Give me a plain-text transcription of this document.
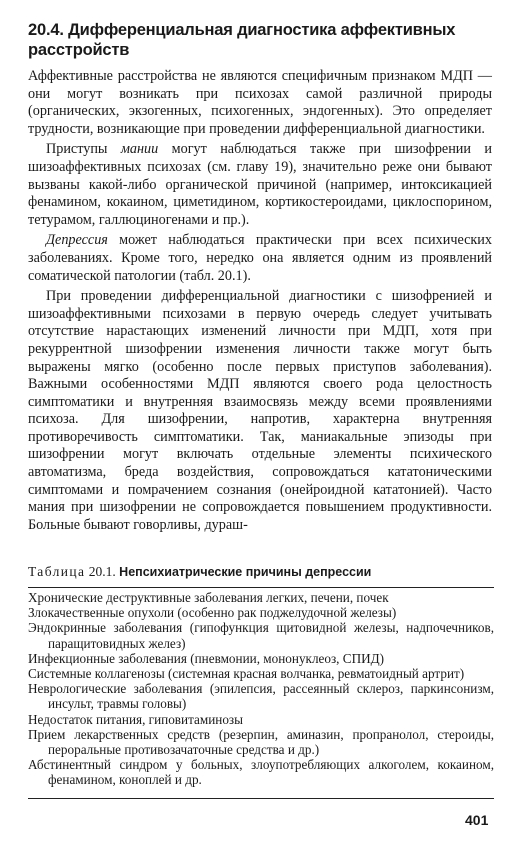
20.4. Дифференциальная диагностика аффективных расстройств

Аффективные расстройства не являются специфичным признаком МДП — они могут возникать при психозах самой различной природы (органических, экзогенных, психогенных, эндогенных). Это определяет трудности, возникающие при проведении дифференциальной диагностики.

Приступы мании могут наблюдаться также при шизофрении и шизоаффективных психозах (см. главу 19), значительно реже они бывают вызваны какой-либо органической причиной (например, интоксикацией фенамином, кокаином, циметидином, кортикостероидами, циклоспорином, тетурамом, галлюциногенами и пр.).

Депрессия может наблюдаться практически при всех психических заболеваниях. Кроме того, нередко она является одним из проявлений соматической патологии (табл. 20.1).

При проведении дифференциальной диагностики с шизофренией и шизоаффективными психозами в первую очередь следует учитывать отсутствие нарастающих изменений личности при МДП, хотя при рекуррентной шизофрении изменения личности также могут быть выражены мягко (особенно после первых приступов заболевания). Важными особенностями МДП являются своего рода целостность симптоматики и внутренняя взаимосвязь между всеми проявлениями психоза. Для шизофрении, напротив, характерна внутренняя противоречивость симптоматики. Так, маниакальные эпизоды при шизофрении могут включать отдельные элементы психического автоматизма, бреда воздействия, сопровождаться кататоническими симптомами и помрачением сознания (онейроидной кататонией). Часто мания при шизофрении не сопровождается повышением продуктивности. Больные бывают говорливы, дураш-

Таблица 20.1. Непсихиатрические причины депрессии
Хронические деструктивные заболевания легких, печени, почек
Злокачественные опухоли (особенно рак поджелудочной железы)
Эндокринные заболевания (гипофункция щитовидной железы, надпочечников, паращитовидных желез)
Инфекционные заболевания (пневмонии, мононуклеоз, СПИД)
Системные коллагенозы (системная красная волчанка, ревматоидный артрит)
Неврологические заболевания (эпилепсия, рассеянный склероз, паркинсонизм, инсульт, травмы головы)
Недостаток питания, гиповитаминозы
Прием лекарственных средств (резерпин, аминазин, пропранолол, стероиды, пероральные противозачаточные средства и др.)
Абстинентный синдром у больных, злоупотребляющих алкоголем, кокаином, фенамином, коноплей и др.
401
